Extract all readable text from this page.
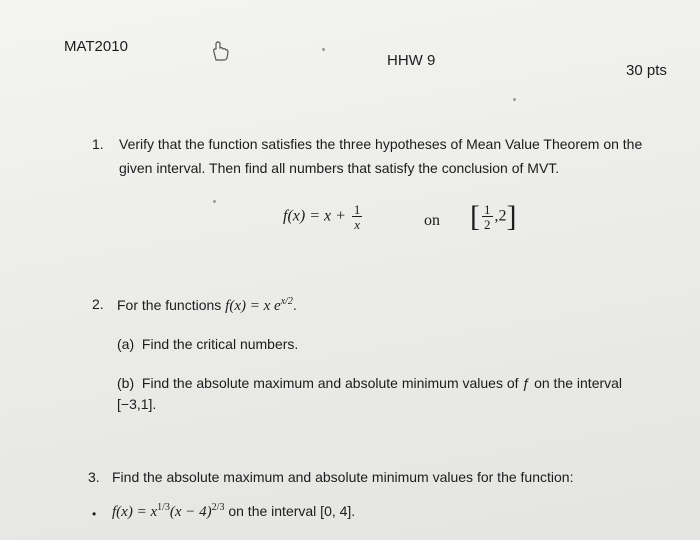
MAT2010
HHW 9
30 pts
1. Verify that the function satisfies the three hypotheses of Mean Value Theorem on the
given interval. Then find all numbers that satisfy the conclusion of MVT.
$f(x) = x + \frac{1}{x}$	on [ $\frac{1}{2} ,2$]
2. For the functions f(x) = x $e^{x/2}$.
(a) Find the critical numbers.
(b) Find the absolute maximum and absolute minimum values of ƒ on the interval
[−3,1].
3. Find the absolute maximum and absolute minimum values for the function:
• $f(x) = x^{1/3}(x - 4)^{2/3}$ on the interval [0, 4].
